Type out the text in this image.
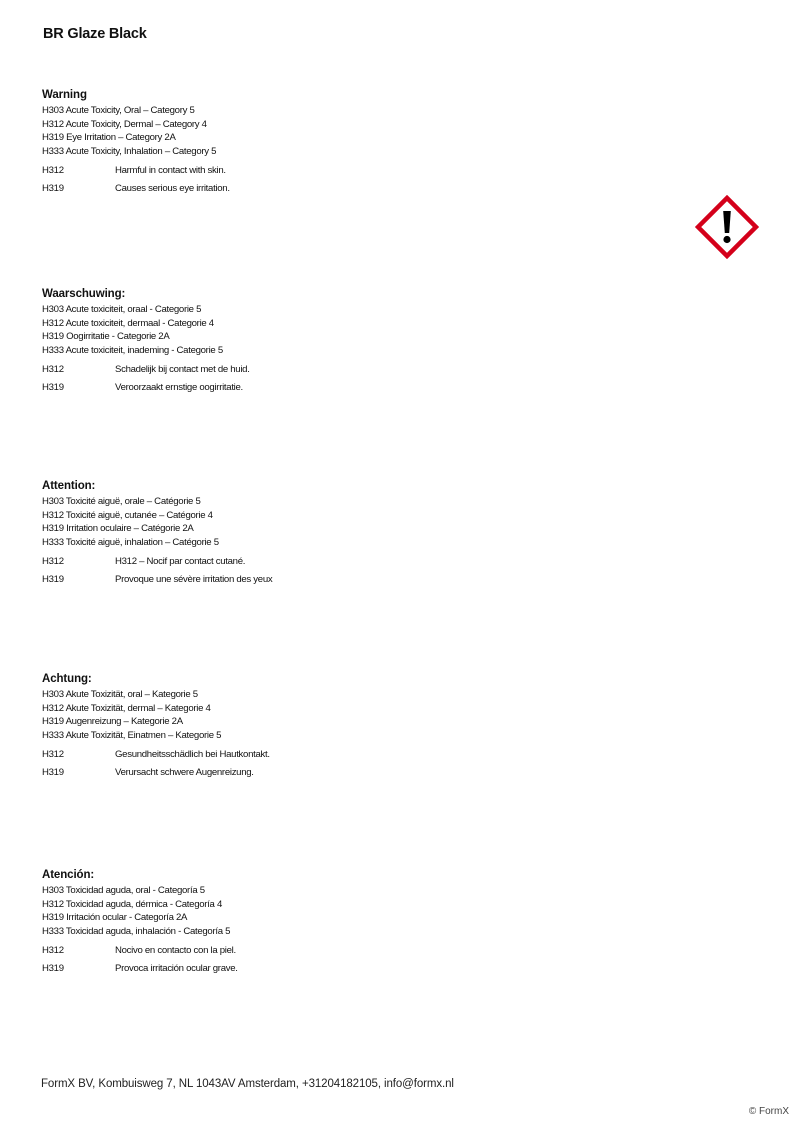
BR Glaze Black
Warning
H303 Acute Toxicity, Oral – Category 5
H312 Acute Toxicity, Dermal – Category 4
H319 Eye Irritation – Category 2A
H333 Acute Toxicity, Inhalation – Category 5
H312	Harmful in contact with skin.
H319	Causes serious eye irritation.
Waarschuwing:
H303 Acute toxiciteit, oraal - Categorie 5
H312 Acute toxiciteit, dermaal - Categorie 4
H319 Oogirritatie - Categorie 2A
H333 Acute toxiciteit, inademing - Categorie 5
H312	Schadelijk bij contact met de huid.
H319	Veroorzaakt ernstige oogirritatie.
Attention:
H303 Toxicité aiguë, orale – Catégorie 5
H312 Toxicité aiguë, cutanée – Catégorie 4
H319 Irritation oculaire – Catégorie 2A
H333 Toxicité aiguë, inhalation – Catégorie 5
H312	H312 – Nocif par contact cutané.
H319	Provoque une sévère irritation des yeux
Achtung:
H303 Akute Toxizität, oral – Kategorie 5
H312 Akute Toxizität, dermal – Kategorie 4
H319 Augenreizung – Kategorie 2A
H333 Akute Toxizität, Einatmen – Kategorie 5
H312	Gesundheitsschädlich bei Hautkontakt.
H319	Verursacht schwere Augenreizung.
Atención:
H303 Toxicidad aguda, oral - Categoría 5
H312 Toxicidad aguda, dérmica - Categoría 4
H319 Irritación ocular - Categoría 2A
H333 Toxicidad aguda, inhalación - Categoría 5
H312	Nocivo en contacto con la piel.
H319	Provoca irritación ocular grave.
FormX BV, Kombuisweg 7, NL 1043AV Amsterdam, +31204182105, info@formx.nl
© FormX
